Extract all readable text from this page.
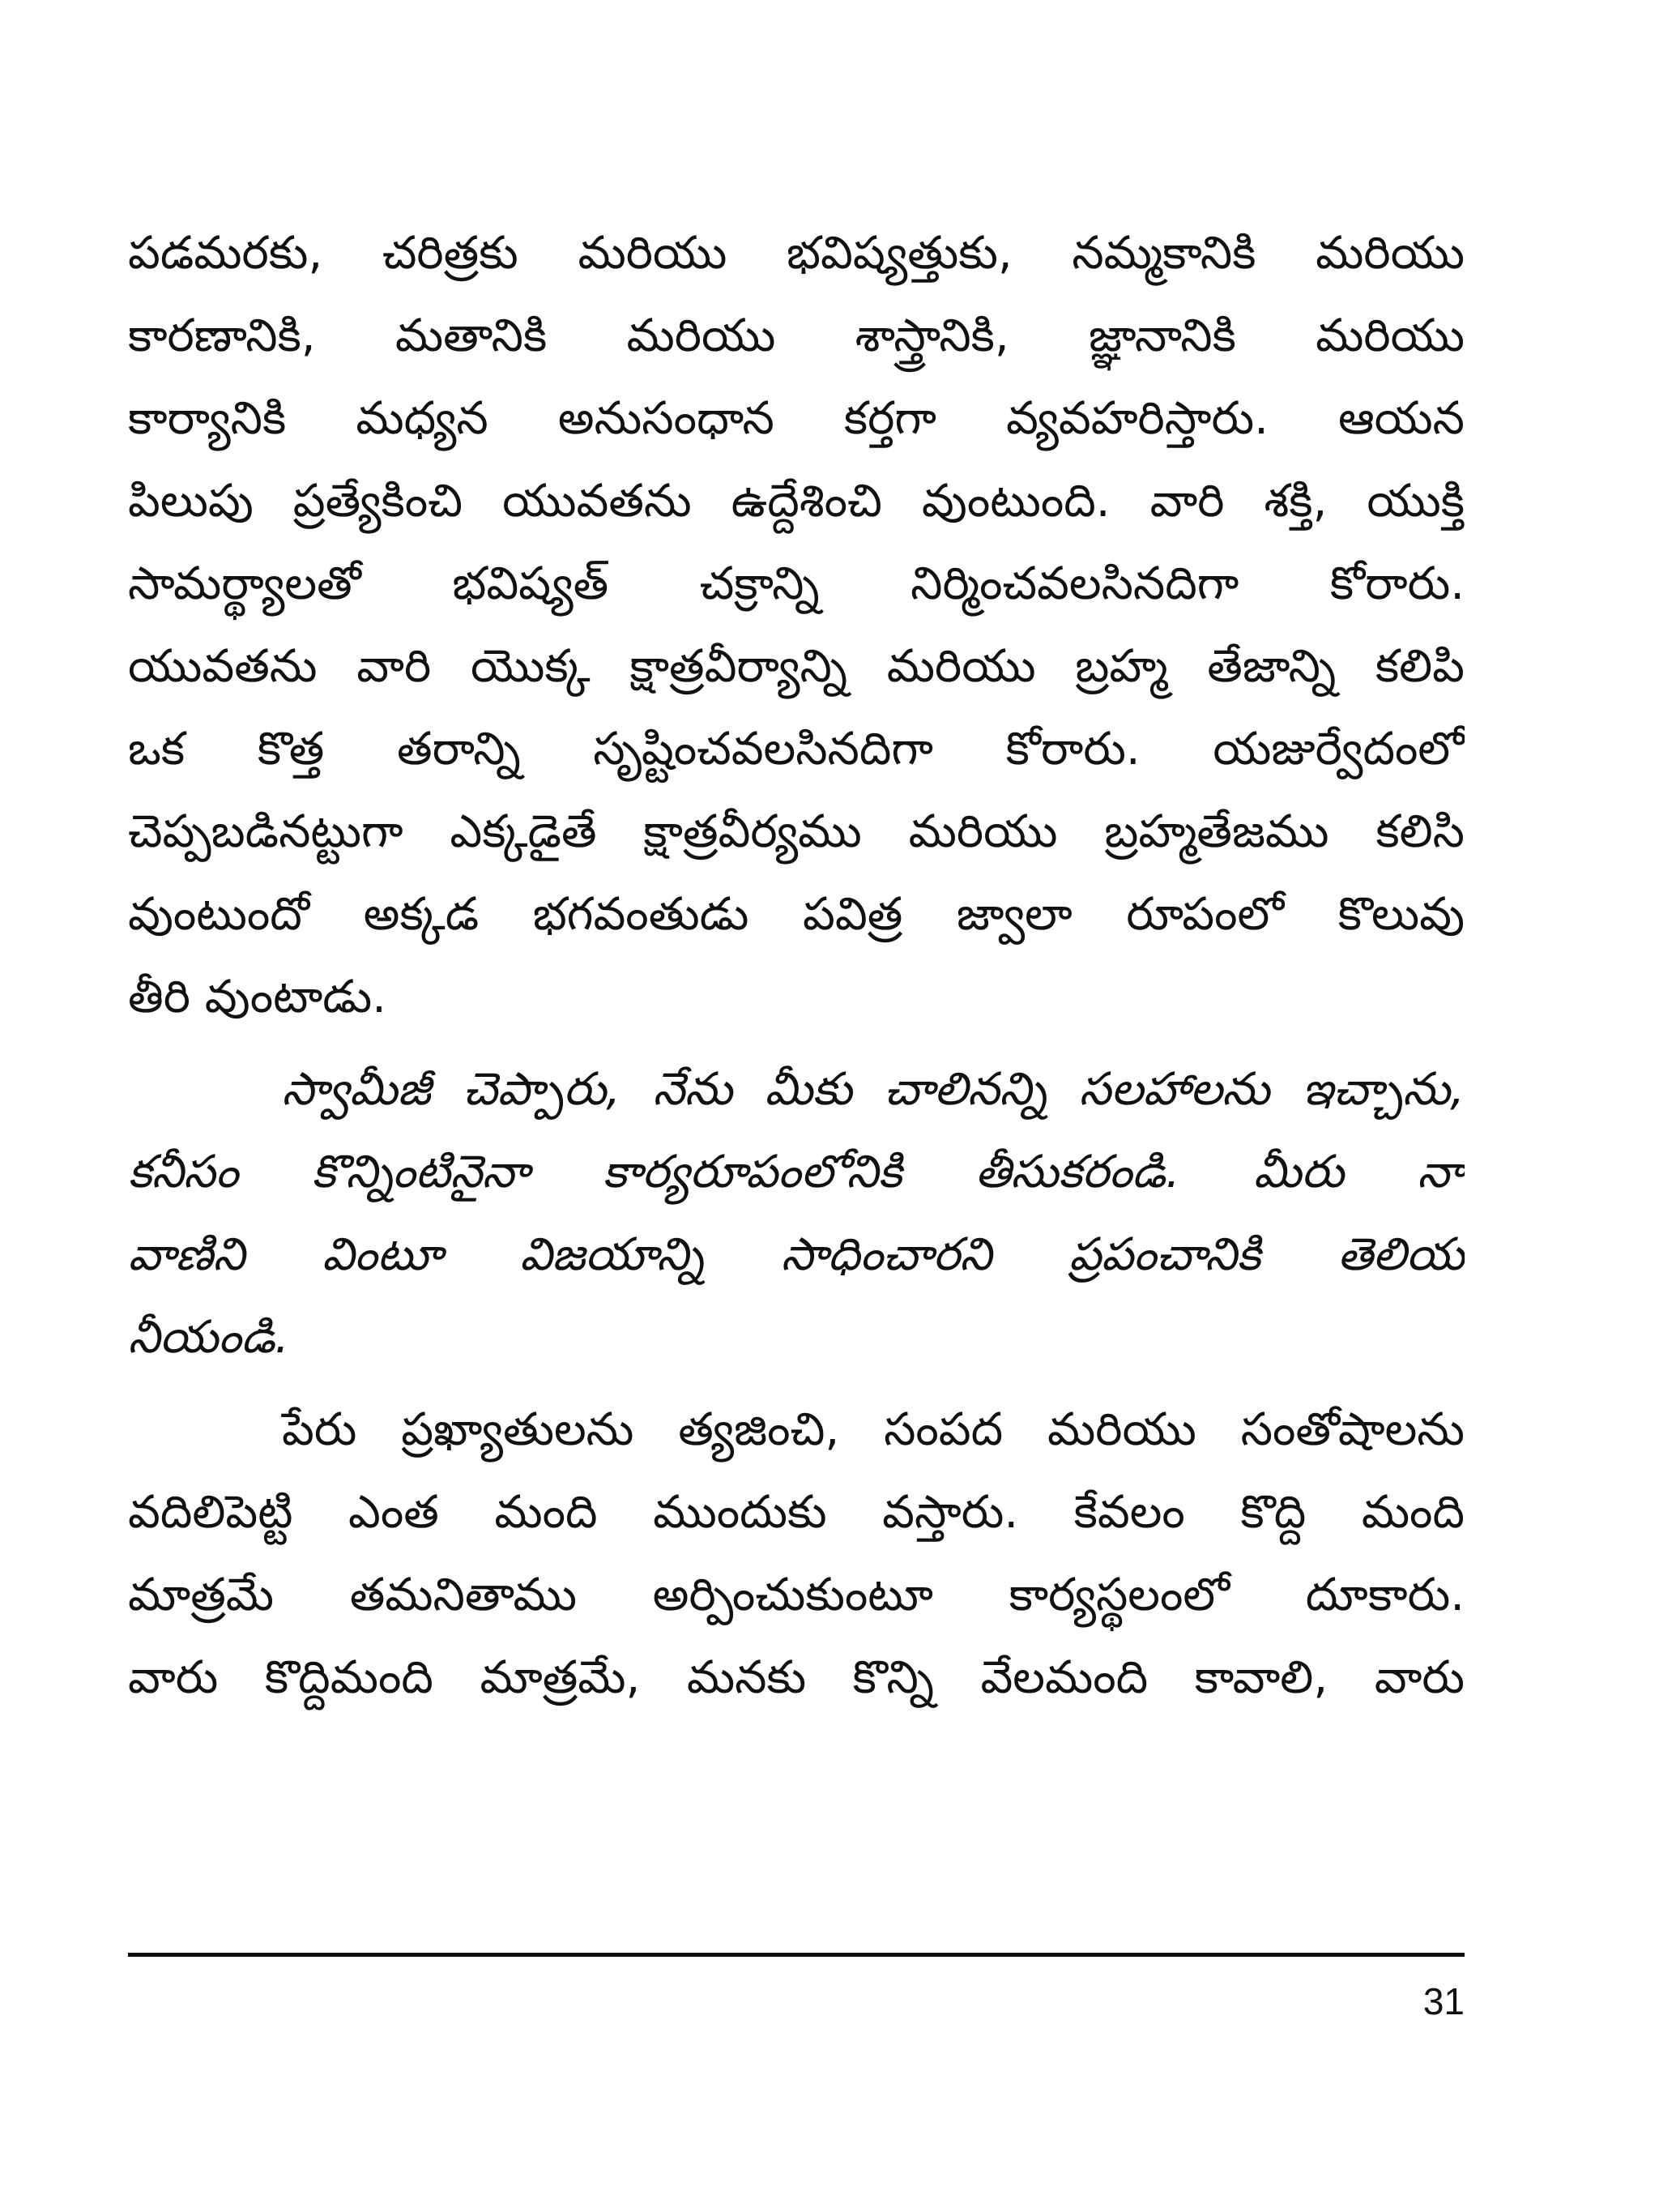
పడమరకు, చరిత్రకు మరియు భవిష్యత్తుకు, నమ్మకానికి మరియు
కారణానికి, మతానికి మరియు శాస్త్రానికి, జ్ఞానానికి మరియు
కార్యానికి మధ్యన అనుసంధాన కర్తగా వ్యవహరిస్తారు. ఆయన
పిలుపు ప్రత్యేకించి యువతను ఉద్దేశించి వుంటుంది. వారి శక్తి, యుక్తి
సామర్థ్యాలతో భవిష్యత్ చక్రాన్ని నిర్మించవలసినదిగా కోరారు.
యువతను వారి యొక్క క్షాత్రవీర్యాన్ని మరియు బ్రహ్మ తేజాన్ని కలిపి
ఒక కొత్త తరాన్ని సృష్టించవలసినదిగా కోరారు. యజుర్వేదంలో
చెప్పబడినట్టుగా ఎక్కడైతే క్షాత్రవీర్యము మరియు బ్రహ్మతేజము కలిసి
వుంటుందో అక్కడ భగవంతుడు పవిత్ర జ్వాలా రూపంలో కొలువు
తీరి వుంటాడు.
స్వామీజీ చెప్పారు, నేను మీకు చాలినన్ని సలహాలను ఇచ్చాను,
కనీసం కొన్నింటినైనా కార్యరూపంలోనికి తీసుకరండి. మీరు నా
వాణిని వింటూ విజయాన్ని సాధించారని ప్రపంచానికి తెలియ
నీయండి.
పేరు ప్రఖ్యాతులను త్యజించి, సంపద మరియు సంతోషాలను
వదిలిపెట్టి ఎంత మంది ముందుకు వస్తారు. కేవలం కొద్ది మంది
మాత్రమే తమనితాము అర్పించుకుంటూ కార్యస్థలంలో దూకారు.
వారు కొద్దిమంది మాత్రమే, మనకు కొన్ని వేలమంది కావాలి, వారు
31
